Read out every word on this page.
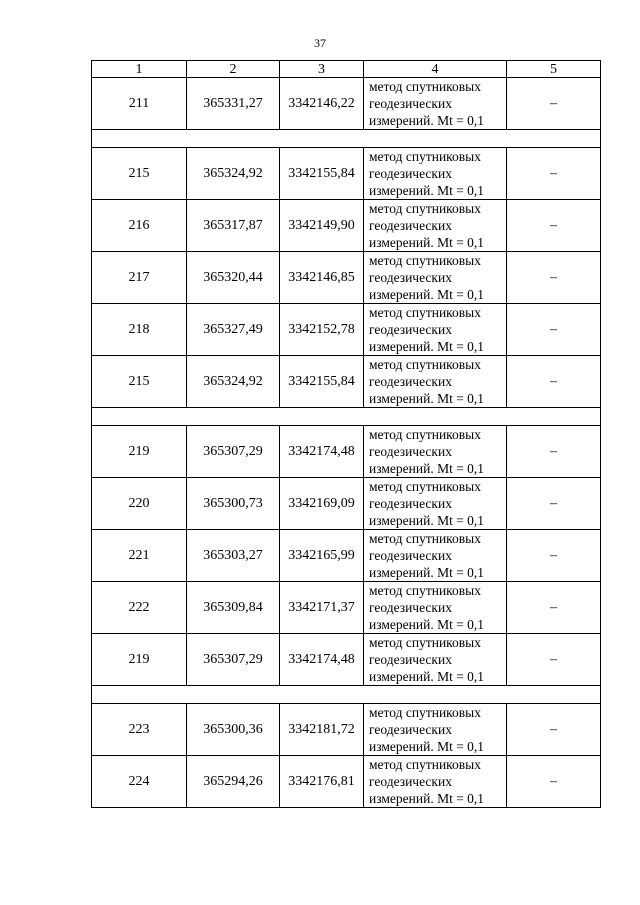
37
1	2	3	4	5
211	365331,27	3342146,22	метод спутниковых
геодезических
измерений. Mt = 0,1	–

215	365324,92	3342155,84	метод спутниковых
геодезических
измерений. Mt = 0,1	–
216	365317,87	3342149,90	метод спутниковых
геодезических
измерений. Mt = 0,1	–
217	365320,44	3342146,85	метод спутниковых
геодезических
измерений. Mt = 0,1	–
218	365327,49	3342152,78	метод спутниковых
геодезических
измерений. Mt = 0,1	–
215	365324,92	3342155,84	метод спутниковых
геодезических
измерений. Mt = 0,1	–

219	365307,29	3342174,48	метод спутниковых
геодезических
измерений. Mt = 0,1	–
220	365300,73	3342169,09	метод спутниковых
геодезических
измерений. Mt = 0,1	–
221	365303,27	3342165,99	метод спутниковых
геодезических
измерений. Mt = 0,1	–
222	365309,84	3342171,37	метод спутниковых
геодезических
измерений. Mt = 0,1	–
219	365307,29	3342174,48	метод спутниковых
геодезических
измерений. Mt = 0,1	–

223	365300,36	3342181,72	метод спутниковых
геодезических
измерений. Mt = 0,1	–
224	365294,26	3342176,81	метод спутниковых
геодезических
измерений. Mt = 0,1	–
